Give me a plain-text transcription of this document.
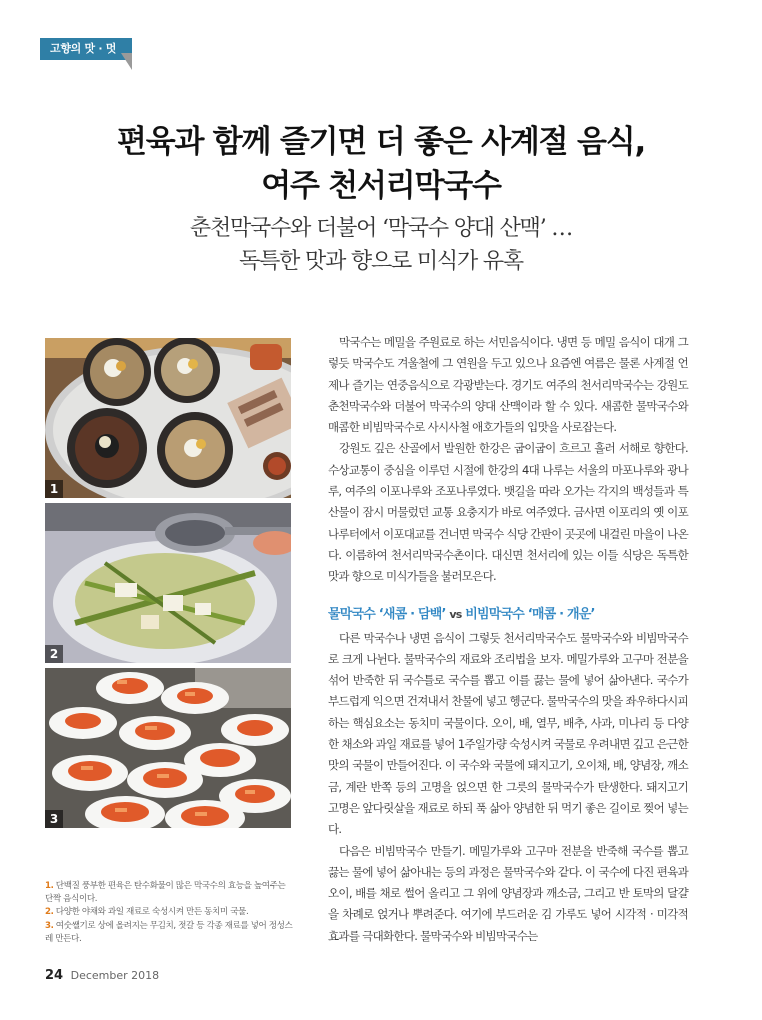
고향의 맛 · 멋
편육과 함께 즐기면 더 좋은 사계절 음식,
여주 천서리막국수
춘천막국수와 더불어 ‘막국수 양대 산맥’ …
독특한 맛과 향으로 미식가 유혹
1
2
3

1. 단백질 풍부한 편육은 탄수화물이 많은 막국수의 효능을 높여주는 단짝 음식이다.

2. 다양한 야채와 과일 재료로 숙성시켜 만든 동치미 국물.

3. 여숫쌜기로 상에 올려지는 무김치, 젓갈 등 각종 재료를 넣어 정성스레 만든다.

막국수는 메밀을 주원료로 하는 서민음식이다. 냉면 등 메밀 음식이 대개 그렇듯 막국수도 겨울철에 그 연원을 두고 있으나 요즘엔 여름은 물론 사계절 언제나 즐기는 연중음식으로 각광받는다. 경기도 여주의 천서리막국수는 강원도 춘천막국수와 더불어 막국수의 양대 산맥이라 할 수 있다. 새콤한 물막국수와 매콤한 비빔막국수로 사시사철 애호가들의 입맛을 사로잡는다.

강원도 깊은 산골에서 발원한 한강은 굽이굽이 흐르고 흘러 서해로 향한다. 수상교통이 중심을 이루던 시절에 한강의 4대 나루는 서울의 마포나루와 광나루, 여주의 이포나루와 조포나루였다. 뱃길을 따라 오가는 각지의 백성들과 특산물이 잠시 머물렀던 교통 요충지가 바로 여주였다. 금사면 이포리의 옛 이포나루터에서 이포대교를 건너면 막국수 식당 간판이 곳곳에 내걸린 마을이 나온다. 이름하여 천서리막국수촌이다. 대신면 천서리에 있는 이들 식당은 독특한 맛과 향으로 미식가들을 불러모은다.

물막국수 ‘새콤 · 담백’ vs 비빔막국수 ‘매콤 · 개운’

다른 막국수나 냉면 음식이 그렇듯 천서리막국수도 물막국수와 비빔막국수로 크게 나뉜다. 물막국수의 재료와 조리법을 보자. 메밀가루와 고구마 전분을 섞어 반죽한 뒤 국수틀로 국수를 뽑고 이를 끓는 물에 넣어 삶아낸다. 국수가 부드럽게 익으면 건져내서 찬물에 넣고 헹군다. 물막국수의 맛을 좌우하다시피 하는 핵심요소는 동치미 국물이다. 오이, 배, 열무, 배추, 사과, 미나리 등 다양한 채소와 과일 재료를 넣어 1주일가량 숙성시켜 국물로 우려내면 깊고 은근한 맛의 국물이 만들어진다. 이 국수와 국물에 돼지고기, 오이채, 배, 양념장, 깨소금, 계란 반쪽 등의 고명을 얹으면 한 그릇의 물막국수가 탄생한다. 돼지고기 고명은 앞다릿살을 재료로 하되 푹 삶아 양념한 뒤 먹기 좋은 길이로 찢어 넣는다.

다음은 비빔막국수 만들기. 메밀가루와 고구마 전분을 반죽해 국수를 뽑고 끓는 물에 넣어 삶아내는 등의 과정은 물막국수와 같다. 이 국수에 다진 편육과 오이, 배를 채로 썰어 올리고 그 위에 양념장과 깨소금, 그리고 반 토막의 달걀을 차례로 얹거나 뿌려준다. 여기에 부드러운 김 가루도 넣어 시각적 · 미각적 효과를 극대화한다. 물막국수와 비빔막국수는

24 December 2018
